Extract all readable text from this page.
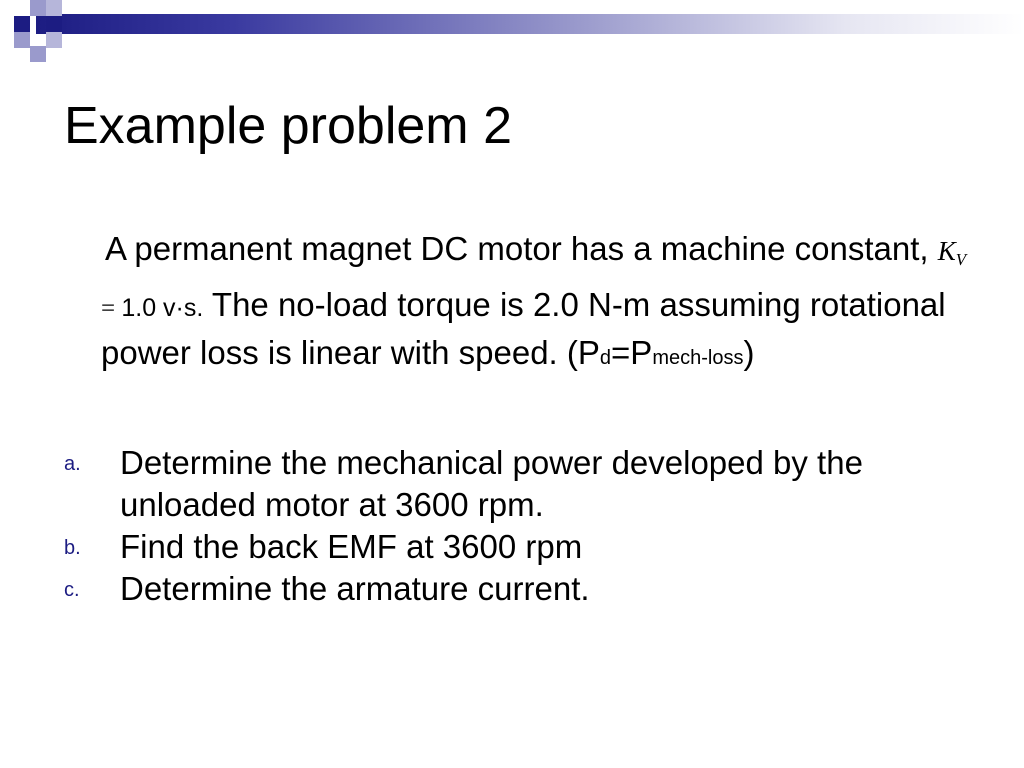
Example problem 2

A permanent magnet DC motor has a machine constant, $K_V = 1.0$ v·s. The no-load torque is 2.0 N-m assuming rotational power loss is linear with speed. (Pd=Pmech-loss)

a. Determine the mechanical power developed by the unloaded motor at 3600 rpm.
b. Find the back EMF at 3600 rpm
c. Determine the armature current.
